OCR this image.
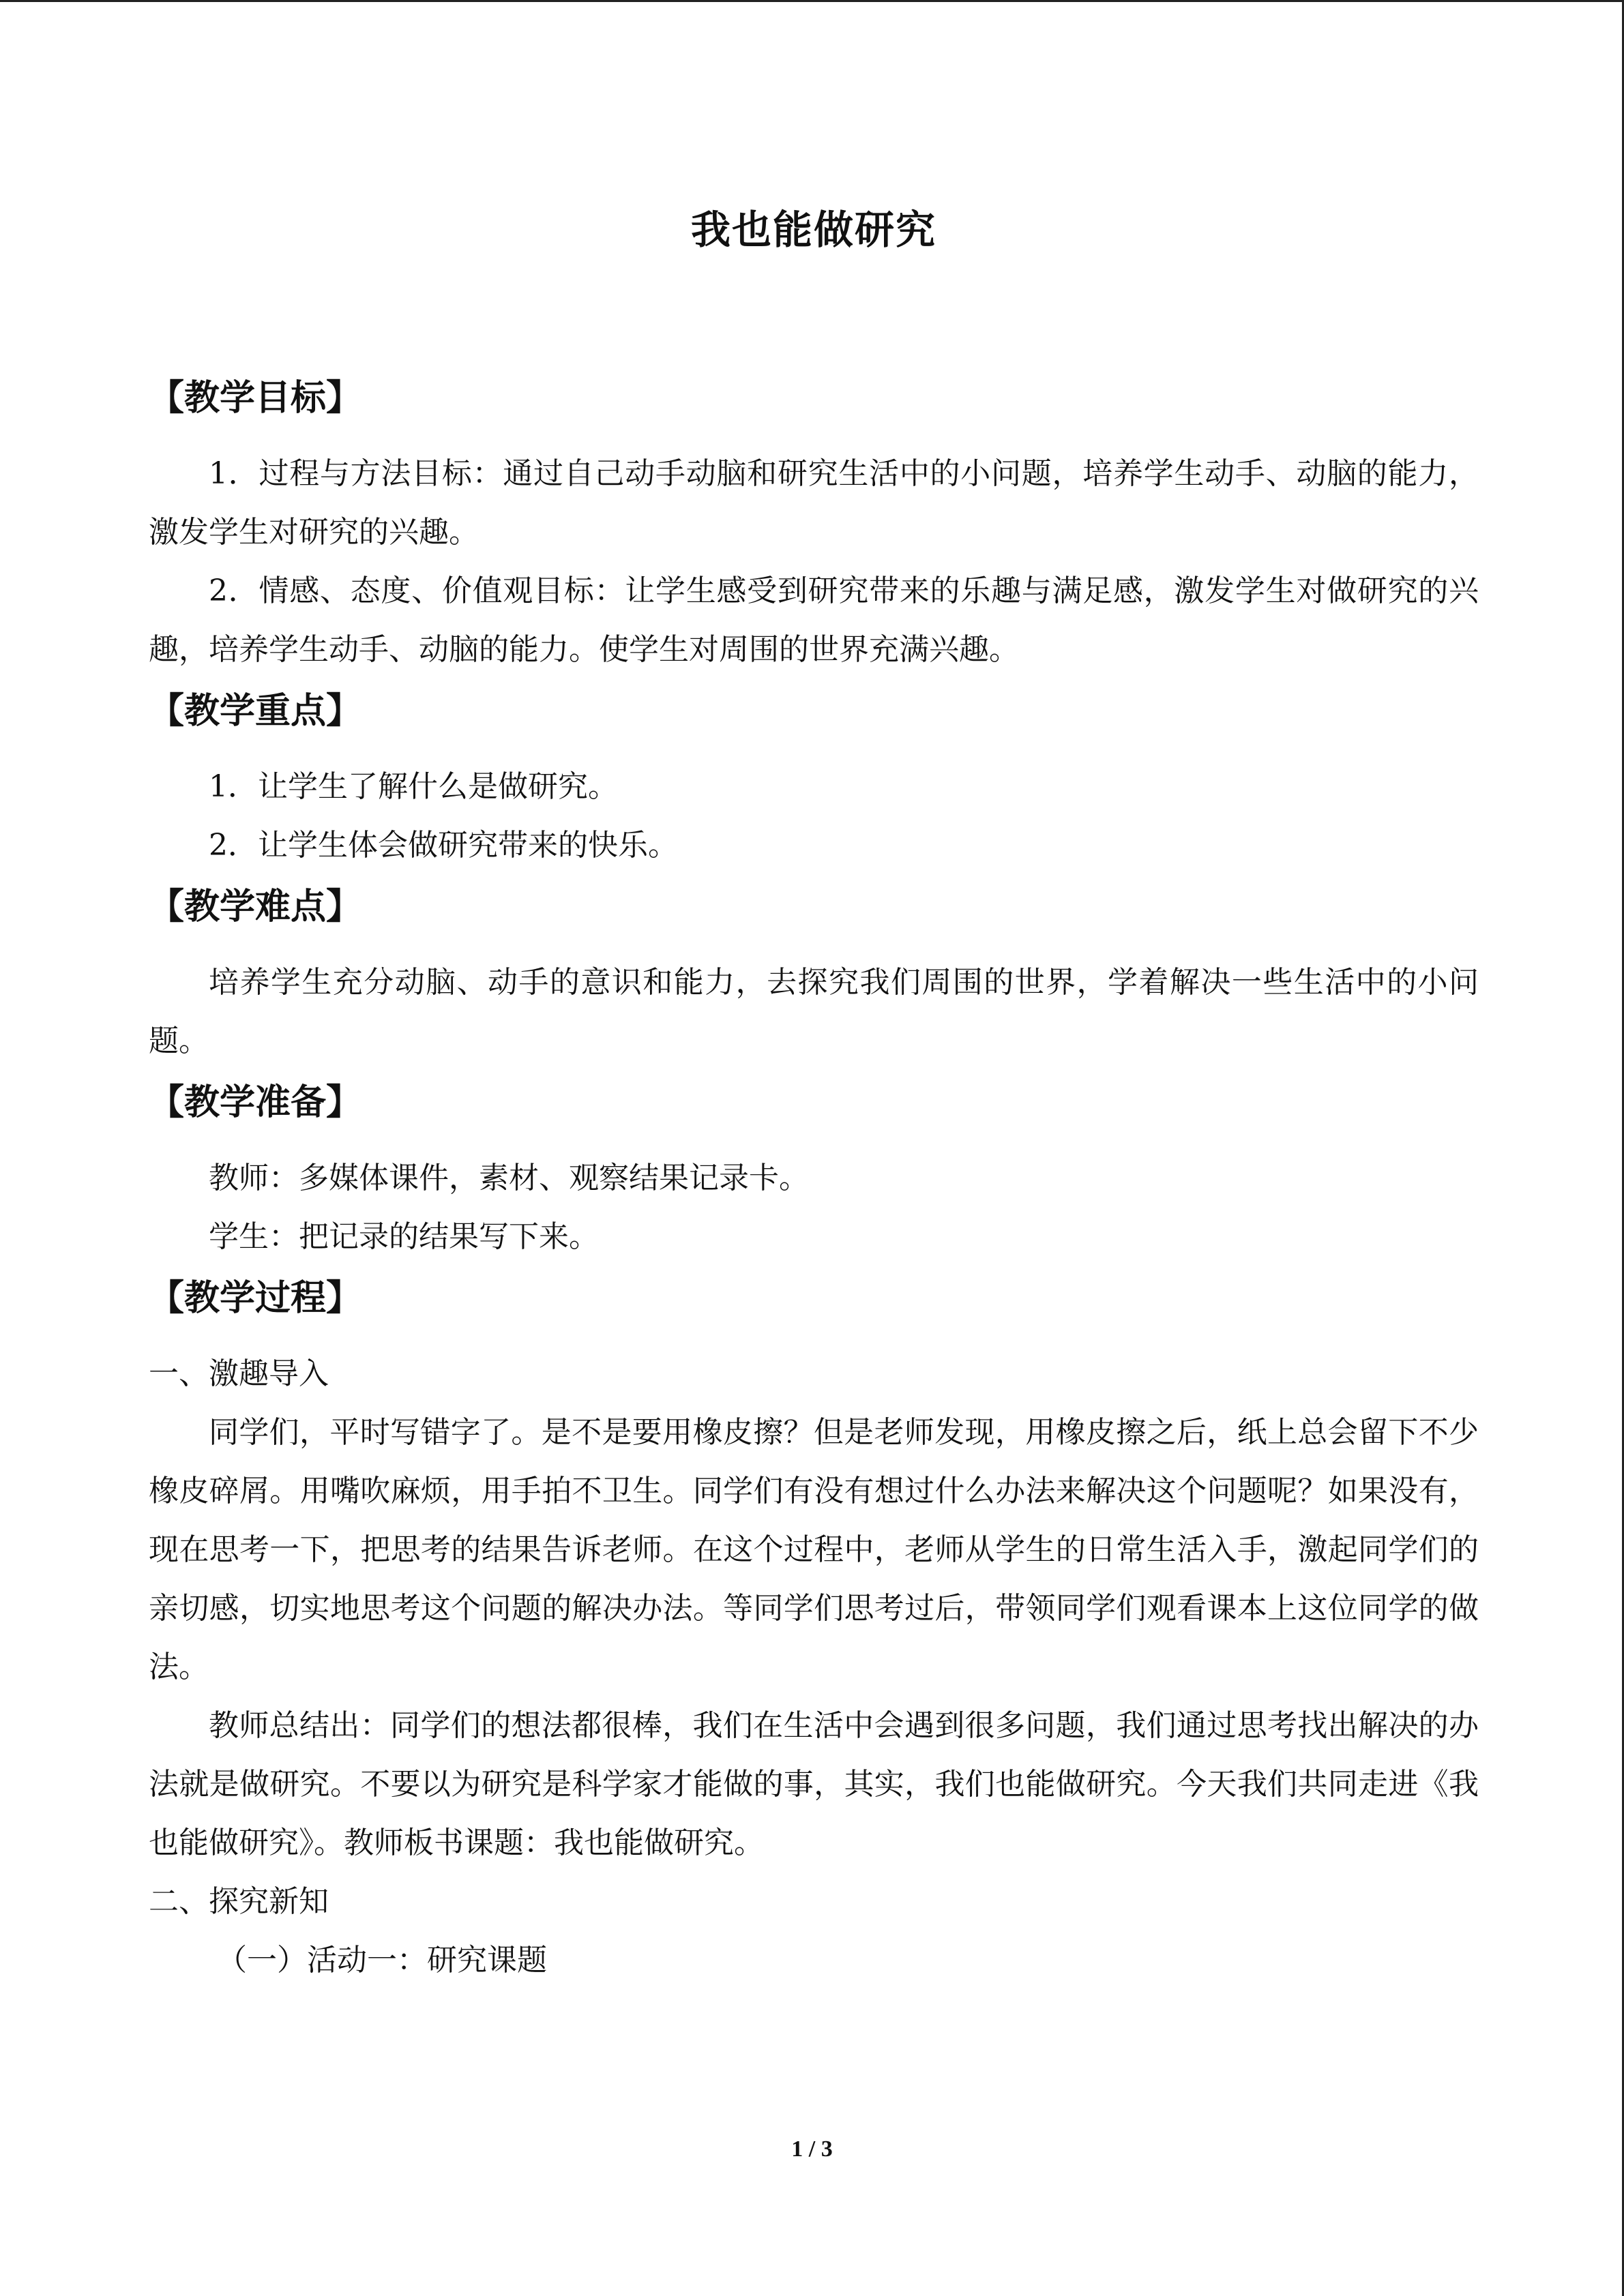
我也能做研究
【教学目标】

1．过程与方法目标：通过自己动手动脑和研究生活中的小问题，培养学生动手、动脑的能力，激发学生对研究的兴趣。

2．情感、态度、价值观目标：让学生感受到研究带来的乐趣与满足感，激发学生对做研究的兴趣，培养学生动手、动脑的能力。使学生对周围的世界充满兴趣。

【教学重点】

1．让学生了解什么是做研究。

2．让学生体会做研究带来的快乐。

【教学难点】

培养学生充分动脑、动手的意识和能力，去探究我们周围的世界，学着解决一些生活中的小问题。

【教学准备】

教师：多媒体课件，素材、观察结果记录卡。

学生：把记录的结果写下来。

【教学过程】

一、激趣导入

同学们，平时写错字了。是不是要用橡皮擦？但是老师发现，用橡皮擦之后，纸上总会留下不少橡皮碎屑。用嘴吹麻烦，用手拍不卫生。同学们有没有想过什么办法来解决这个问题呢？如果没有，现在思考一下，把思考的结果告诉老师。在这个过程中，老师从学生的日常生活入手，激起同学们的亲切感，切实地思考这个问题的解决办法。等同学们思考过后，带领同学们观看课本上这位同学的做法。

教师总结出：同学们的想法都很棒，我们在生活中会遇到很多问题，我们通过思考找出解决的办法就是做研究。不要以为研究是科学家才能做的事，其实，我们也能做研究。今天我们共同走进《我也能做研究》。教师板书课题：我也能做研究。

二、探究新知

（一）活动一：研究课题

1 / 3
